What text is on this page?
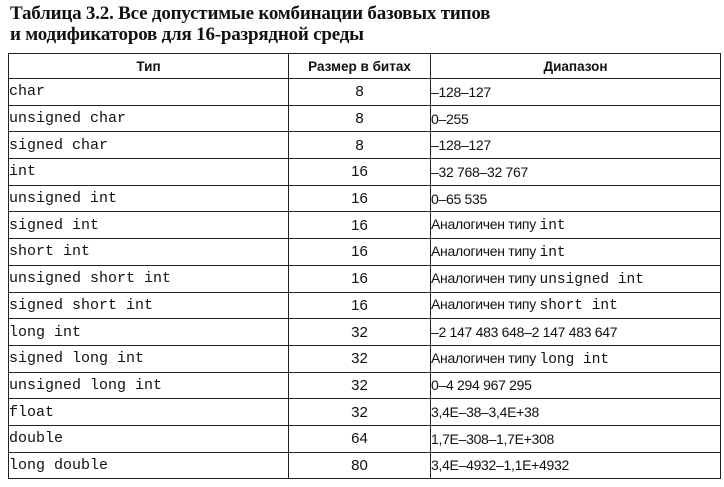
Таблица 3.2. Все допустимые комбинации базовых типов
и модификаторов для 16-разрядной среды
Тип	Размер в битах	Диапазон
char	8	–128–127
unsigned char	8	0–255
signed char	8	–128–127
int	16	–32 768–32 767
unsigned int	16	0–65 535
signed int	16	Аналогичен типу int
short int	16	Аналогичен типу int
unsigned short int	16	Аналогичен типу unsigned int
signed short int	16	Аналогичен типу short int
long int	32	–2 147 483 648–2 147 483 647
signed long int	32	Аналогичен типу long int
unsigned long int	32	0–4 294 967 295
float	32	3,4E–38–3,4E+38
double	64	1,7E–308–1,7E+308
long double	80	3,4E–4932–1,1E+4932
